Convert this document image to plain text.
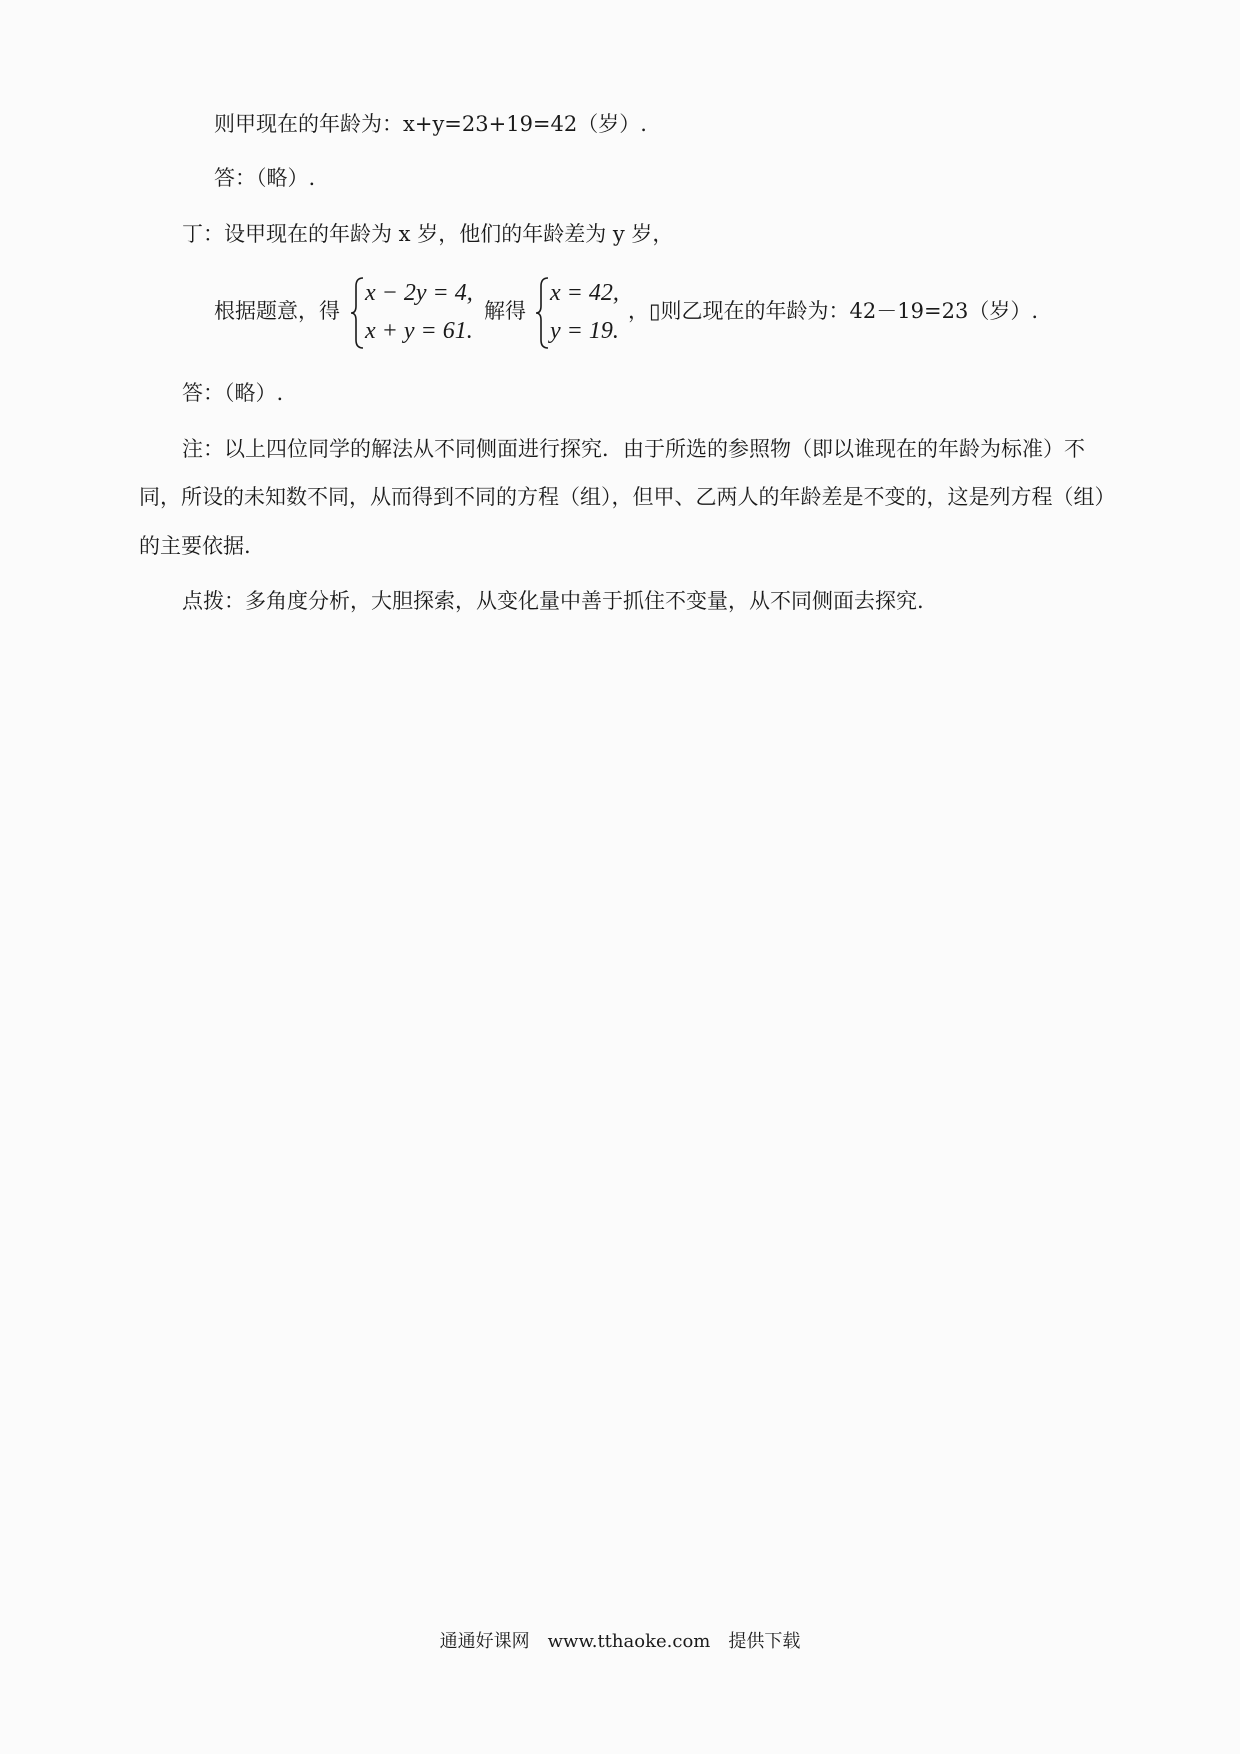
则甲现在的年龄为：x+y=23+19=42（岁）.
答：（略）.
丁：设甲现在的年龄为 x 岁，他们的年龄差为 y 岁，
根据题意，得
x − 2y = 4,
x + y = 61.
解得
x = 42,
y = 19.
，▯则乙现在的年龄为：42－19=23（岁）.
答：（略）.
注：以上四位同学的解法从不同侧面进行探究．由于所选的参照物（即以谁现在的年龄为标准）不
同，所设的未知数不同，从而得到不同的方程（组），但甲、乙两人的年龄差是不变的，这是列方程（组）
的主要依据.
点拨：多角度分析，大胆探索，从变化量中善于抓住不变量，从不同侧面去探究.
通通好课网　www.tthaoke.com　提供下载
